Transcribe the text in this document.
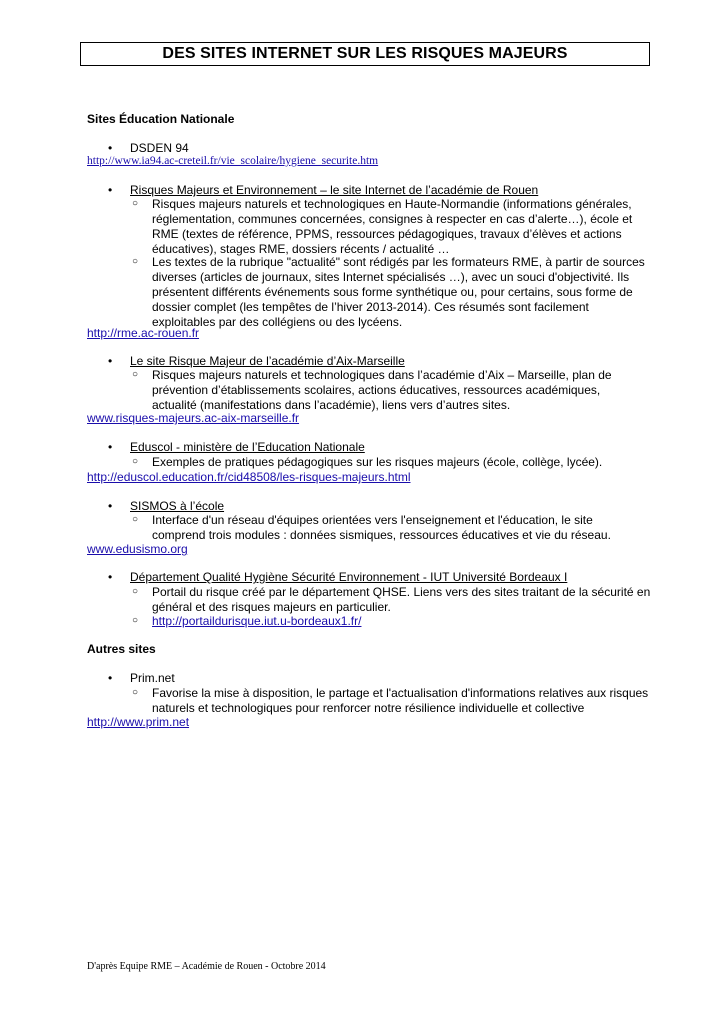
DES SITES INTERNET SUR LES RISQUES MAJEURS
Sites Éducation Nationale
• DSDEN 94
http://www.ia94.ac-creteil.fr/vie_scolaire/hygiene_securite.htm
• Risques Majeurs et Environnement – le site Internet de l’académie de Rouen
○ Risques majeurs naturels et technologiques en Haute-Normandie (informations générales, réglementation, communes concernées, consignes à respecter en cas d’alerte…), école et RME (textes de référence, PPMS, ressources pédagogiques, travaux d’élèves et actions éducatives), stages RME, dossiers récents / actualité …
○ Les textes de la rubrique "actualité" sont rédigés par les formateurs RME, à partir de sources diverses (articles de journaux, sites Internet spécialisés …), avec un souci d'objectivité. Ils présentent différents événements sous forme synthétique ou, pour certains, sous forme de dossier complet (les tempêtes de l’hiver 2013-2014). Ces résumés sont facilement exploitables par des collégiens ou des lycéens.
http://rme.ac-rouen.fr
• Le site Risque Majeur de l’académie d’Aix-Marseille
○ Risques majeurs naturels et technologiques dans l’académie d’Aix – Marseille, plan de prévention d’établissements scolaires, actions éducatives, ressources académiques, actualité (manifestations dans l’académie), liens vers d’autres sites.
www.risques-majeurs.ac-aix-marseille.fr
• Eduscol - ministère de l’Education Nationale
○ Exemples de pratiques pédagogiques sur les risques majeurs (école, collège, lycée).
http://eduscol.education.fr/cid48508/les-risques-majeurs.html
• SISMOS à l’école
○ Interface d'un réseau d'équipes orientées vers l'enseignement et l'éducation, le site comprend trois modules : données sismiques, ressources éducatives et vie du réseau.
www.edusismo.org
• Département Qualité Hygiène Sécurité Environnement - IUT Université Bordeaux I
○ Portail du risque créé par le département QHSE. Liens vers des sites traitant de la sécurité en général et des risques majeurs en particulier.
○ http://portaildurisque.iut.u-bordeaux1.fr/
Autres sites
• Prim.net
○ Favorise la mise à disposition, le partage et l'actualisation d'informations relatives aux risques naturels et technologiques pour renforcer notre résilience individuelle et collective
http://www.prim.net
D'après Equipe RME – Académie de Rouen - Octobre 2014
